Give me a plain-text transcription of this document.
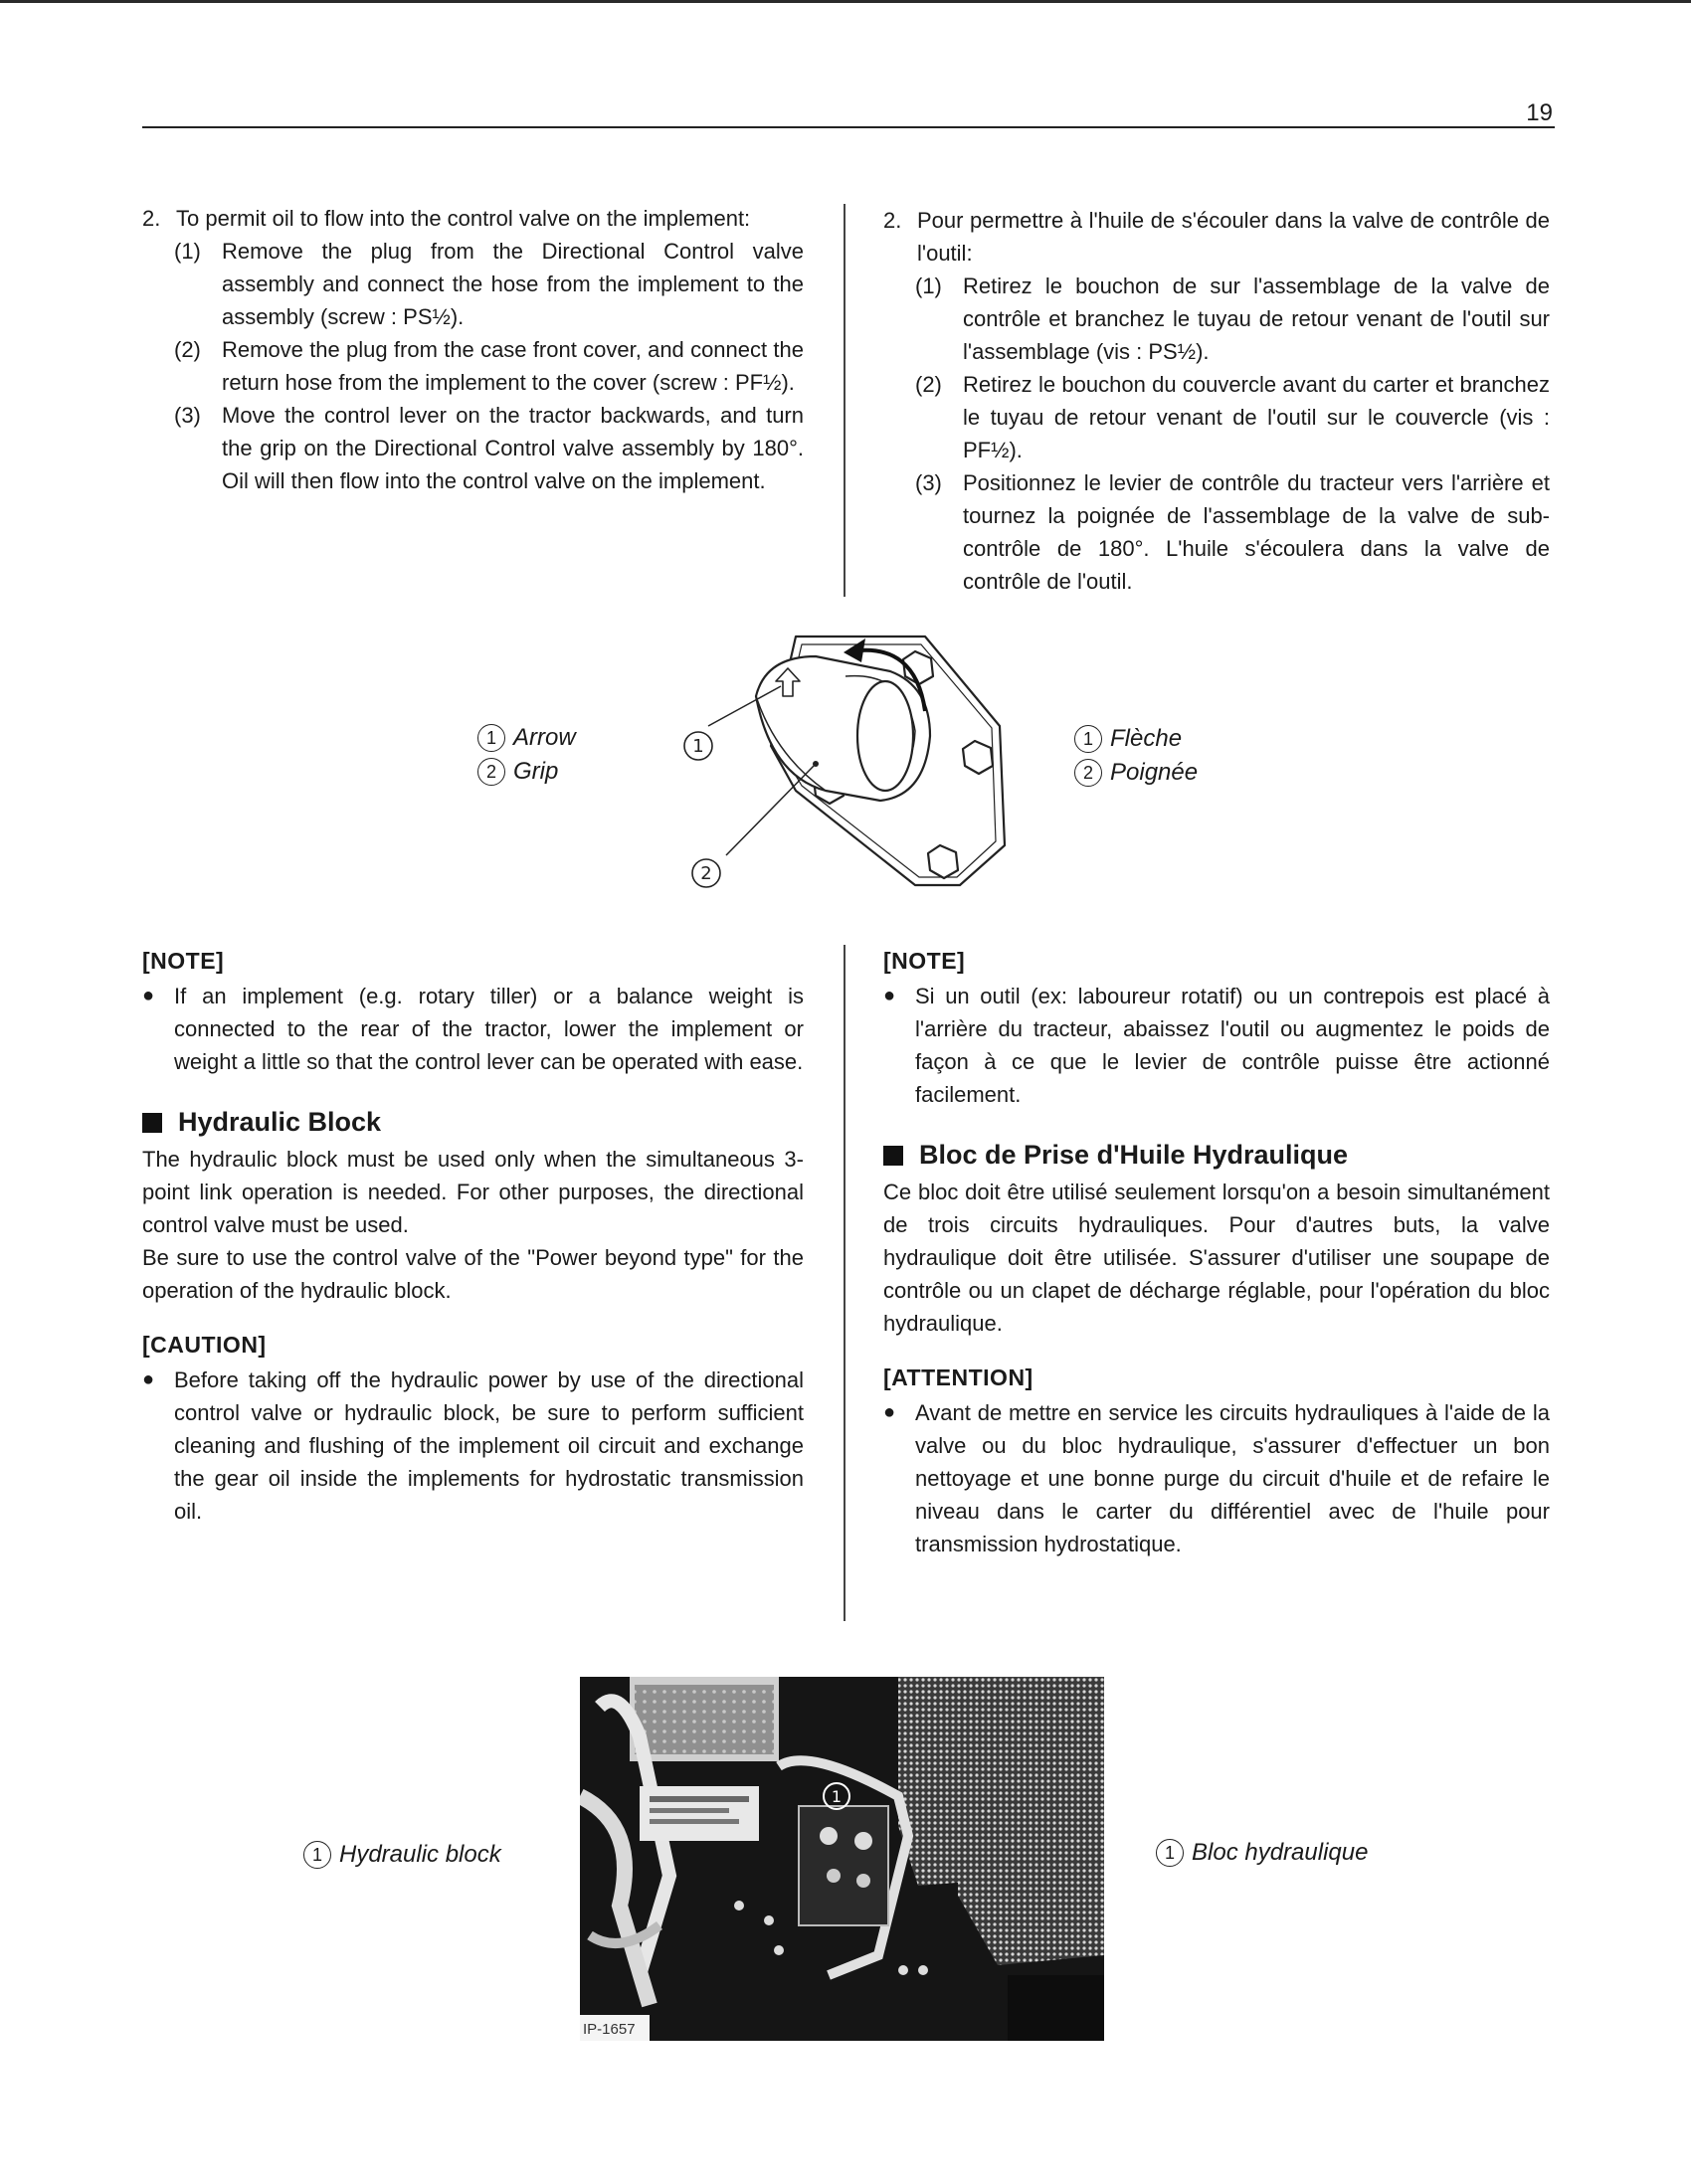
19
2. To permit oil to flow into the control valve on the implement:

(1) Remove the plug from the Directional Control valve assembly and connect the hose from the implement to the assembly (screw : PS½).

(2) Remove the plug from the case front cover, and connect the return hose from the implement to the cover (screw : PF½).

(3) Move the control lever on the tractor backwards, and turn the grip on the Directional Control valve assembly by 180°. Oil will then flow into the control valve on the implement.

2. Pour permettre à l'huile de s'écouler dans la valve de contrôle de l'outil:

(1) Retirez le bouchon de sur l'assemblage de la valve de contrôle et branchez le tuyau de retour venant de l'outil sur l'assemblage (vis : PS½).

(2) Retirez le bouchon du couvercle avant du carter et branchez le tuyau de retour venant de l'outil sur le couvercle (vis : PF½).

(3) Positionnez le levier de contrôle du tracteur vers l'arrière et tournez la poignée de l'assemblage de la valve de sub-contrôle de 180°. L'huile s'écoulera dans la valve de contrôle de l'outil.

1 Arrow
2 Grip
1 Flèche
2 Poignée
1
2
[NOTE]
● If an implement (e.g. rotary tiller) or a balance weight is connected to the rear of the tractor, lower the implement or weight a little so that the control lever can be operated with ease.

Hydraulic Block

The hydraulic block must be used only when the simultaneous 3-point link operation is needed. For other purposes, the directional control valve must be used.

Be sure to use the control valve of the "Power beyond type" for the operation of the hydraulic block.

[CAUTION]
● Before taking off the hydraulic power by use of the directional control valve or hydraulic block, be sure to perform sufficient cleaning and flushing of the implement oil circuit and exchange the gear oil inside the implements for hydrostatic transmission oil.

[NOTE]
● Si un outil (ex: laboureur rotatif) ou un contrepois est placé à l'arrière du tracteur, abaissez l'outil ou augmentez le poids de façon à ce que le levier de contrôle puisse être actionné facilement.

Bloc de Prise d'Huile Hydraulique

Ce bloc doit être utilisé seulement lorsqu'on a besoin simultanément de trois circuits hydrauliques. Pour d'autres buts, la valve hydraulique doit être utilisée. S'assurer d'utiliser une soupape de contrôle ou un clapet de décharge réglable, pour l'opération du bloc hydraulique.

[ATTENTION]
● Avant de mettre en service les circuits hydrauliques à l'aide de la valve ou du bloc hydraulique, s'assurer d'effectuer un bon nettoyage et une bonne purge du circuit d'huile et de refaire le niveau dans le carter du différentiel avec de l'huile pour transmission hydrostatique.

1 Hydraulic block	1 Bloc hydraulique
1
IP-1657
